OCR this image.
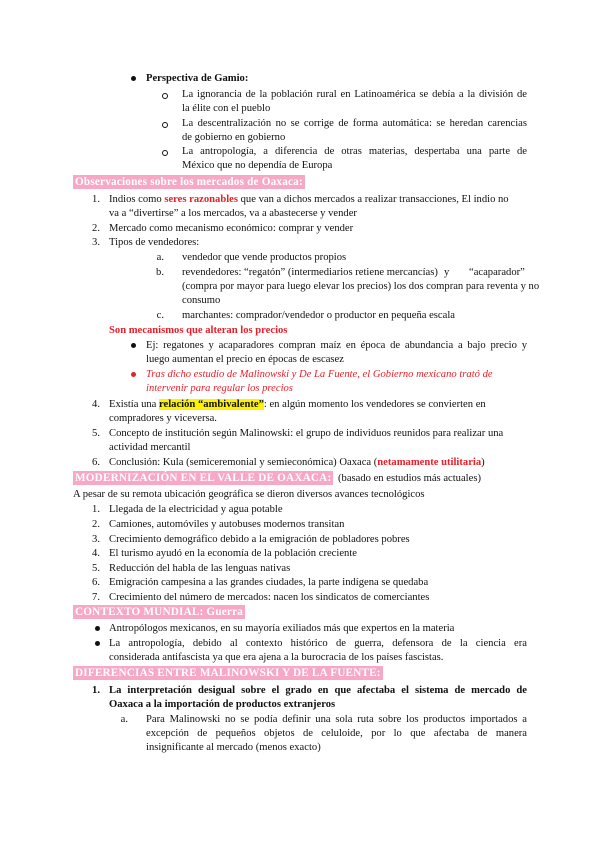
Perspectiva de Gamio:
La ignorancia de la población rural en Latinoamérica se debía a la división de
la élite con el pueblo
La descentralización no se corrige de forma automática: se heredan carencias
de gobierno en gobierno
La antropología, a diferencia de otras materias, despertaba una parte de
México que no dependía de Europa
Observaciones sobre los mercados de Oaxaca:
1. Indios como seres razonables que van a dichos mercados a realizar transacciones, El indio no
va a “divertirse” a los mercados, va a abastecerse y vender
2. Mercado como mecanismo económico: comprar y vender
3. Tipos de vendedores:
a. vendedor que vende productos propios
b. revendedores: “regatón” (intermediarios retiene mercancías) y “acaparador”
(compra por mayor para luego elevar los precios) los dos compran para reventa y no
consumo
c. marchantes: comprador/vendedor o productor en pequeña escala
Son mecanismos que alteran los precios
Ej: regatones y acaparadores compran maíz en época de abundancia a bajo precio y
luego aumentan el precio en épocas de escasez
Tras dicho estudio de Malinowski y De La Fuente, el Gobierno mexicano trató de
intervenir para regular los precios
4. Existía una relación “ambivalente”: en algún momento los vendedores se convierten en
compradores y viceversa.
5. Concepto de institución según Malinowski: el grupo de individuos reunidos para realizar una
actividad mercantil
6. Conclusión: Kula (semiceremonial y semieconómica) Oaxaca (netamamente utilitaria)
MODERNIZACIÓN EN EL VALLE DE OAXACA: (basado en estudios más actuales)
A pesar de su remota ubicación geográfica se dieron diversos avances tecnológicos
1. Llegada de la electricidad y agua potable
2. Camiones, automóviles y autobuses modernos transitan
3. Crecimiento demográfico debido a la emigración de pobladores pobres
4. El turismo ayudó en la economía de la población creciente
5. Reducción del habla de las lenguas nativas
6. Emigración campesina a las grandes ciudades, la parte indígena se quedaba
7. Crecimiento del número de mercados: nacen los sindicatos de comerciantes
CONTEXTO MUNDIAL: Guerra
Antropólogos mexicanos, en su mayoría exiliados más que expertos en la materia
La antropología, debido al contexto histórico de guerra, defensora de la ciencia era
considerada antifascista ya que era ajena a la burocracia de los países fascistas.
DIFERENCIAS ENTRE MALINOWSKI Y DE LA FUENTE:
1. La interpretación desigual sobre el grado en que afectaba el sistema de mercado de
Oaxaca a la importación de productos extranjeros
a. Para Malinowski no se podía definir una sola ruta sobre los productos importados a
excepción de pequeños objetos de celuloide, por lo que afectaba de manera
insignificante al mercado (menos exacto)
